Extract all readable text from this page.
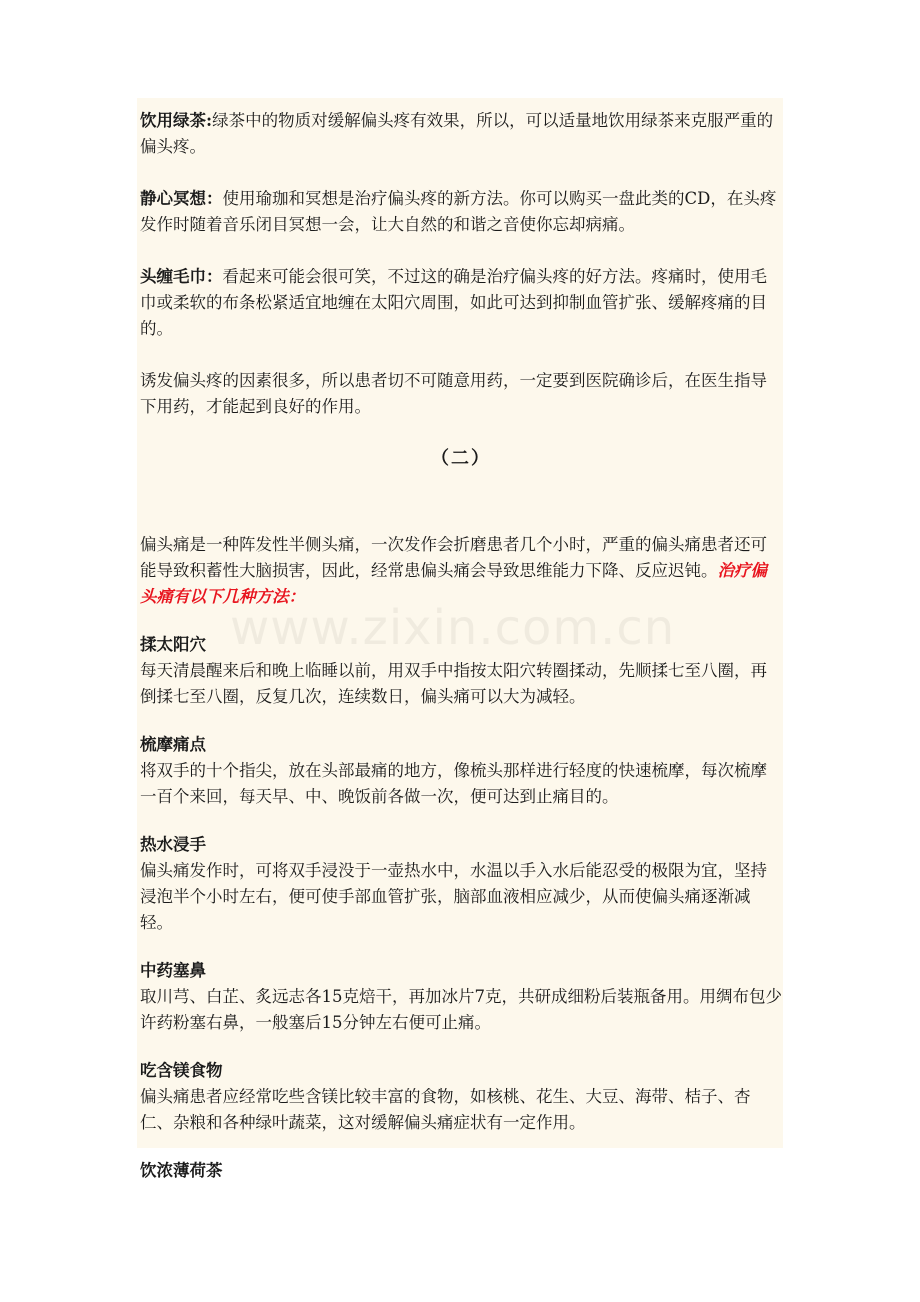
www.zixin.com.cn

饮用绿茶:绿茶中的物质对缓解偏头疼有效果，所以，可以适量地饮用绿茶来克服严重的偏头疼。

静心冥想：使用瑜珈和冥想是治疗偏头疼的新方法。你可以购买一盘此类的CD，在头疼发作时随着音乐闭目冥想一会，让大自然的和谐之音使你忘却病痛。

头缠毛巾：看起来可能会很可笑，不过这的确是治疗偏头疼的好方法。疼痛时，使用毛巾或柔软的布条松紧适宜地缠在太阳穴周围，如此可达到抑制血管扩张、缓解疼痛的目的。

诱发偏头疼的因素很多，所以患者切不可随意用药，一定要到医院确诊后，在医生指导下用药，才能起到良好的作用。

（二）

偏头痛是一种阵发性半侧头痛，一次发作会折磨患者几个小时，严重的偏头痛患者还可能导致积蓄性大脑损害，因此，经常患偏头痛会导致思维能力下降、反应迟钝。治疗偏头痛有以下几种方法：

揉太阳穴

每天清晨醒来后和晚上临睡以前，用双手中指按太阳穴转圈揉动，先顺揉七至八圈，再倒揉七至八圈，反复几次，连续数日，偏头痛可以大为减轻。

梳摩痛点

将双手的十个指尖，放在头部最痛的地方，像梳头那样进行轻度的快速梳摩，每次梳摩一百个来回，每天早、中、晚饭前各做一次，便可达到止痛目的。

热水浸手

偏头痛发作时，可将双手浸没于一壶热水中，水温以手入水后能忍受的极限为宜，坚持浸泡半个小时左右，便可使手部血管扩张，脑部血液相应减少，从而使偏头痛逐渐减轻。

中药塞鼻

取川芎、白芷、炙远志各15克焙干，再加冰片7克，共研成细粉后装瓶备用。用绸布包少许药粉塞右鼻，一般塞后15分钟左右便可止痛。

吃含镁食物

偏头痛患者应经常吃些含镁比较丰富的食物，如核桃、花生、大豆、海带、桔子、杏仁、杂粮和各种绿叶蔬菜，这对缓解偏头痛症状有一定作用。

饮浓薄荷茶
